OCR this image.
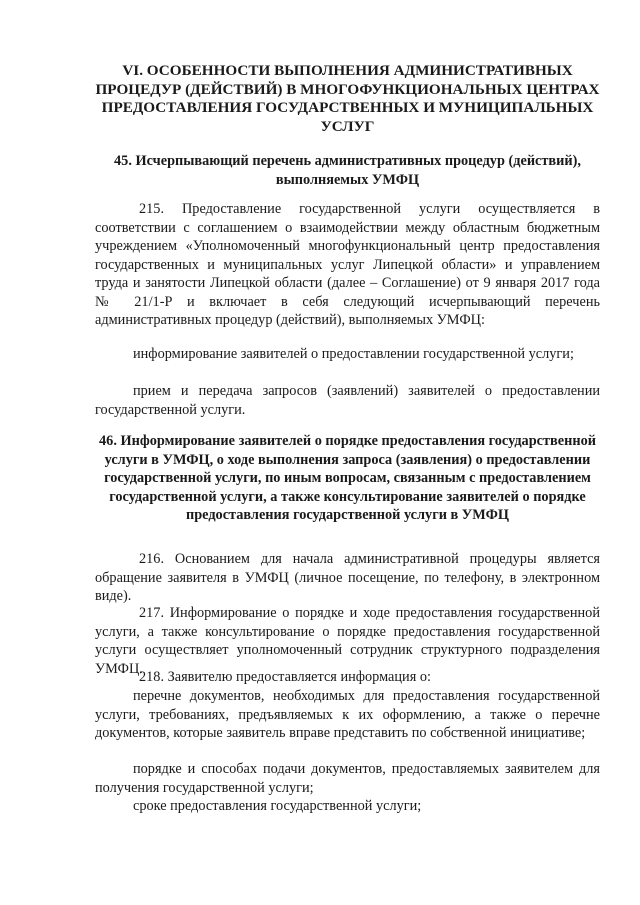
VI. ОСОБЕННОСТИ ВЫПОЛНЕНИЯ АДМИНИСТРАТИВНЫХ ПРОЦЕДУР (ДЕЙСТВИЙ) В МНОГОФУНКЦИОНАЛЬНЫХ ЦЕНТРАХ ПРЕДОСТАВЛЕНИЯ ГОСУДАРСТВЕННЫХ И МУНИЦИПАЛЬНЫХ УСЛУГ
45. Исчерпывающий перечень административных процедур (действий), выполняемых УМФЦ

215. Предоставление государственной услуги осуществляется в соответствии с соглашением о взаимодействии между областным бюджетным учреждением «Уполномоченный многофункциональный центр предоставления государственных и муниципальных услуг Липецкой области» и управлением труда и занятости Липецкой области (далее – Соглашение) от 9 января 2017 года № 21/1-Р и включает в себя следующий исчерпывающий перечень административных процедур (действий), выполняемых УМФЦ:

информирование заявителей о предоставлении государственной услуги;

прием и передача запросов (заявлений) заявителей о предоставлении государственной услуги.

46. Информирование заявителей о порядке предоставления государственной услуги в УМФЦ, о ходе выполнения запроса (заявления) о предоставлении государственной услуги, по иным вопросам, связанным с предоставлением государственной услуги, а также консультирование заявителей о порядке предоставления государственной услуги в УМФЦ

216. Основанием для начала административной процедуры является обращение заявителя в УМФЦ (личное посещение, по телефону, в электронном виде).

217. Информирование о порядке и ходе предоставления государственной услуги, а также консультирование о порядке предоставления государственной услуги осуществляет уполномоченный сотрудник структурного подразделения УМФЦ.

218. Заявителю предоставляется информация о:

перечне документов, необходимых для предоставления государственной услуги, требованиях, предъявляемых к их оформлению, а также о перечне документов, которые заявитель вправе представить по собственной инициативе;

порядке и способах подачи документов, предоставляемых заявителем для получения государственной услуги;

сроке предоставления государственной услуги;
